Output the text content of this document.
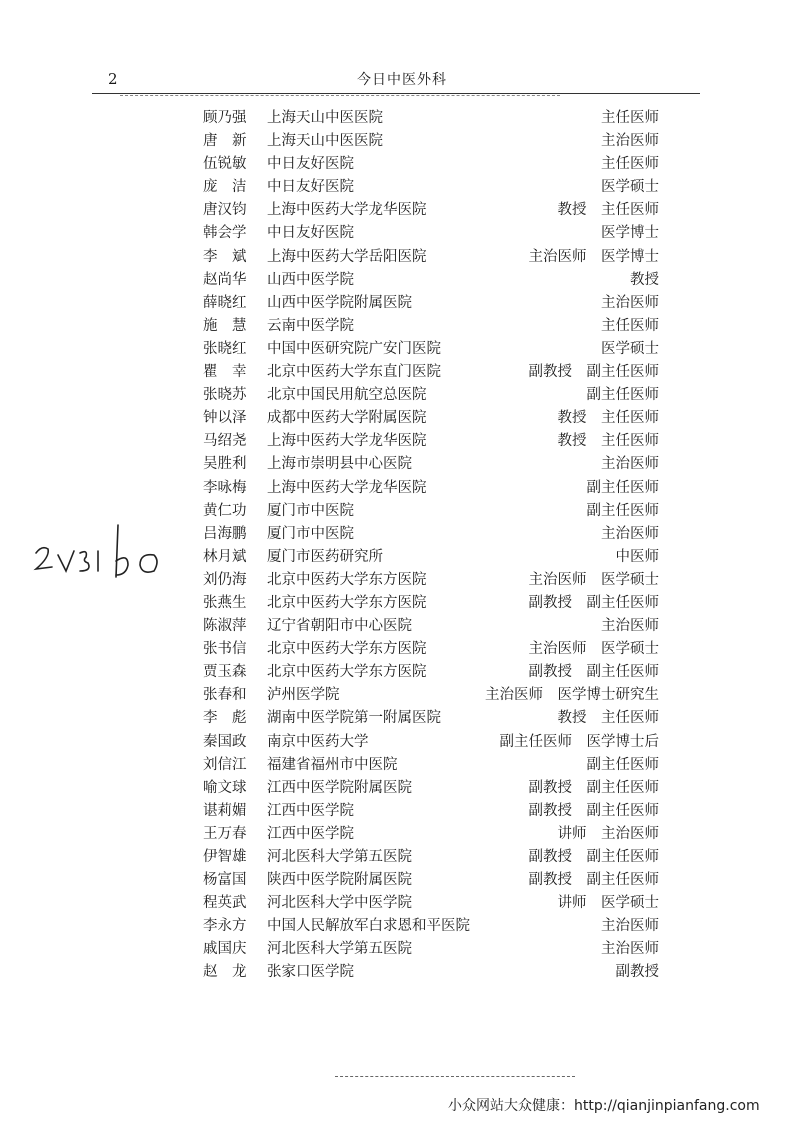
2	今日中医外科
顾乃强	上海天山中医医院	主任医师
唐　新	上海天山中医医院	主治医师
伍锐敏	中日友好医院	主任医师
庞　洁	中日友好医院	医学硕士
唐汉钧	上海中医药大学龙华医院	教授　主任医师
韩会学	中日友好医院	医学博士
李　斌	上海中医药大学岳阳医院	主治医师　医学博士
赵尚华	山西中医学院	教授
薛晓红	山西中医学院附属医院	主治医师
施　慧	云南中医学院	主任医师
张晓红	中国中医研究院广安门医院	医学硕士
瞿　幸	北京中医药大学东直门医院	副教授　副主任医师
张晓苏	北京中国民用航空总医院	副主任医师
钟以泽	成都中医药大学附属医院	教授　主任医师
马绍尧	上海中医药大学龙华医院	教授　主任医师
吴胜利	上海市崇明县中心医院	主治医师
李咏梅	上海中医药大学龙华医院	副主任医师
黄仁功	厦门市中医院	副主任医师
吕海鹏	厦门市中医院	主治医师
林月斌	厦门市医药研究所	中医师
刘仍海	北京中医药大学东方医院	主治医师　医学硕士
张燕生	北京中医药大学东方医院	副教授　副主任医师
陈淑萍	辽宁省朝阳市中心医院	主治医师
张书信	北京中医药大学东方医院	主治医师　医学硕士
贾玉森	北京中医药大学东方医院	副教授　副主任医师
张春和	泸州医学院	主治医师　医学博士研究生
李　彪	湖南中医学院第一附属医院	教授　主任医师
秦国政	南京中医药大学	副主任医师　医学博士后
刘信江	福建省福州市中医院	副主任医师
喻文球	江西中医学院附属医院	副教授　副主任医师
谌莉媚	江西中医学院	副教授　副主任医师
王万春	江西中医学院	讲师　主治医师
伊智雄	河北医科大学第五医院	副教授　副主任医师
杨富国	陕西中医学院附属医院	副教授　副主任医师
程英武	河北医科大学中医学院	讲师　医学硕士
李永方	中国人民解放军白求恩和平医院	主治医师
戚国庆	河北医科大学第五医院	主治医师
赵　龙	张家口医学院	副教授
小众网站大众健康：http://qianjinpianfang.com
